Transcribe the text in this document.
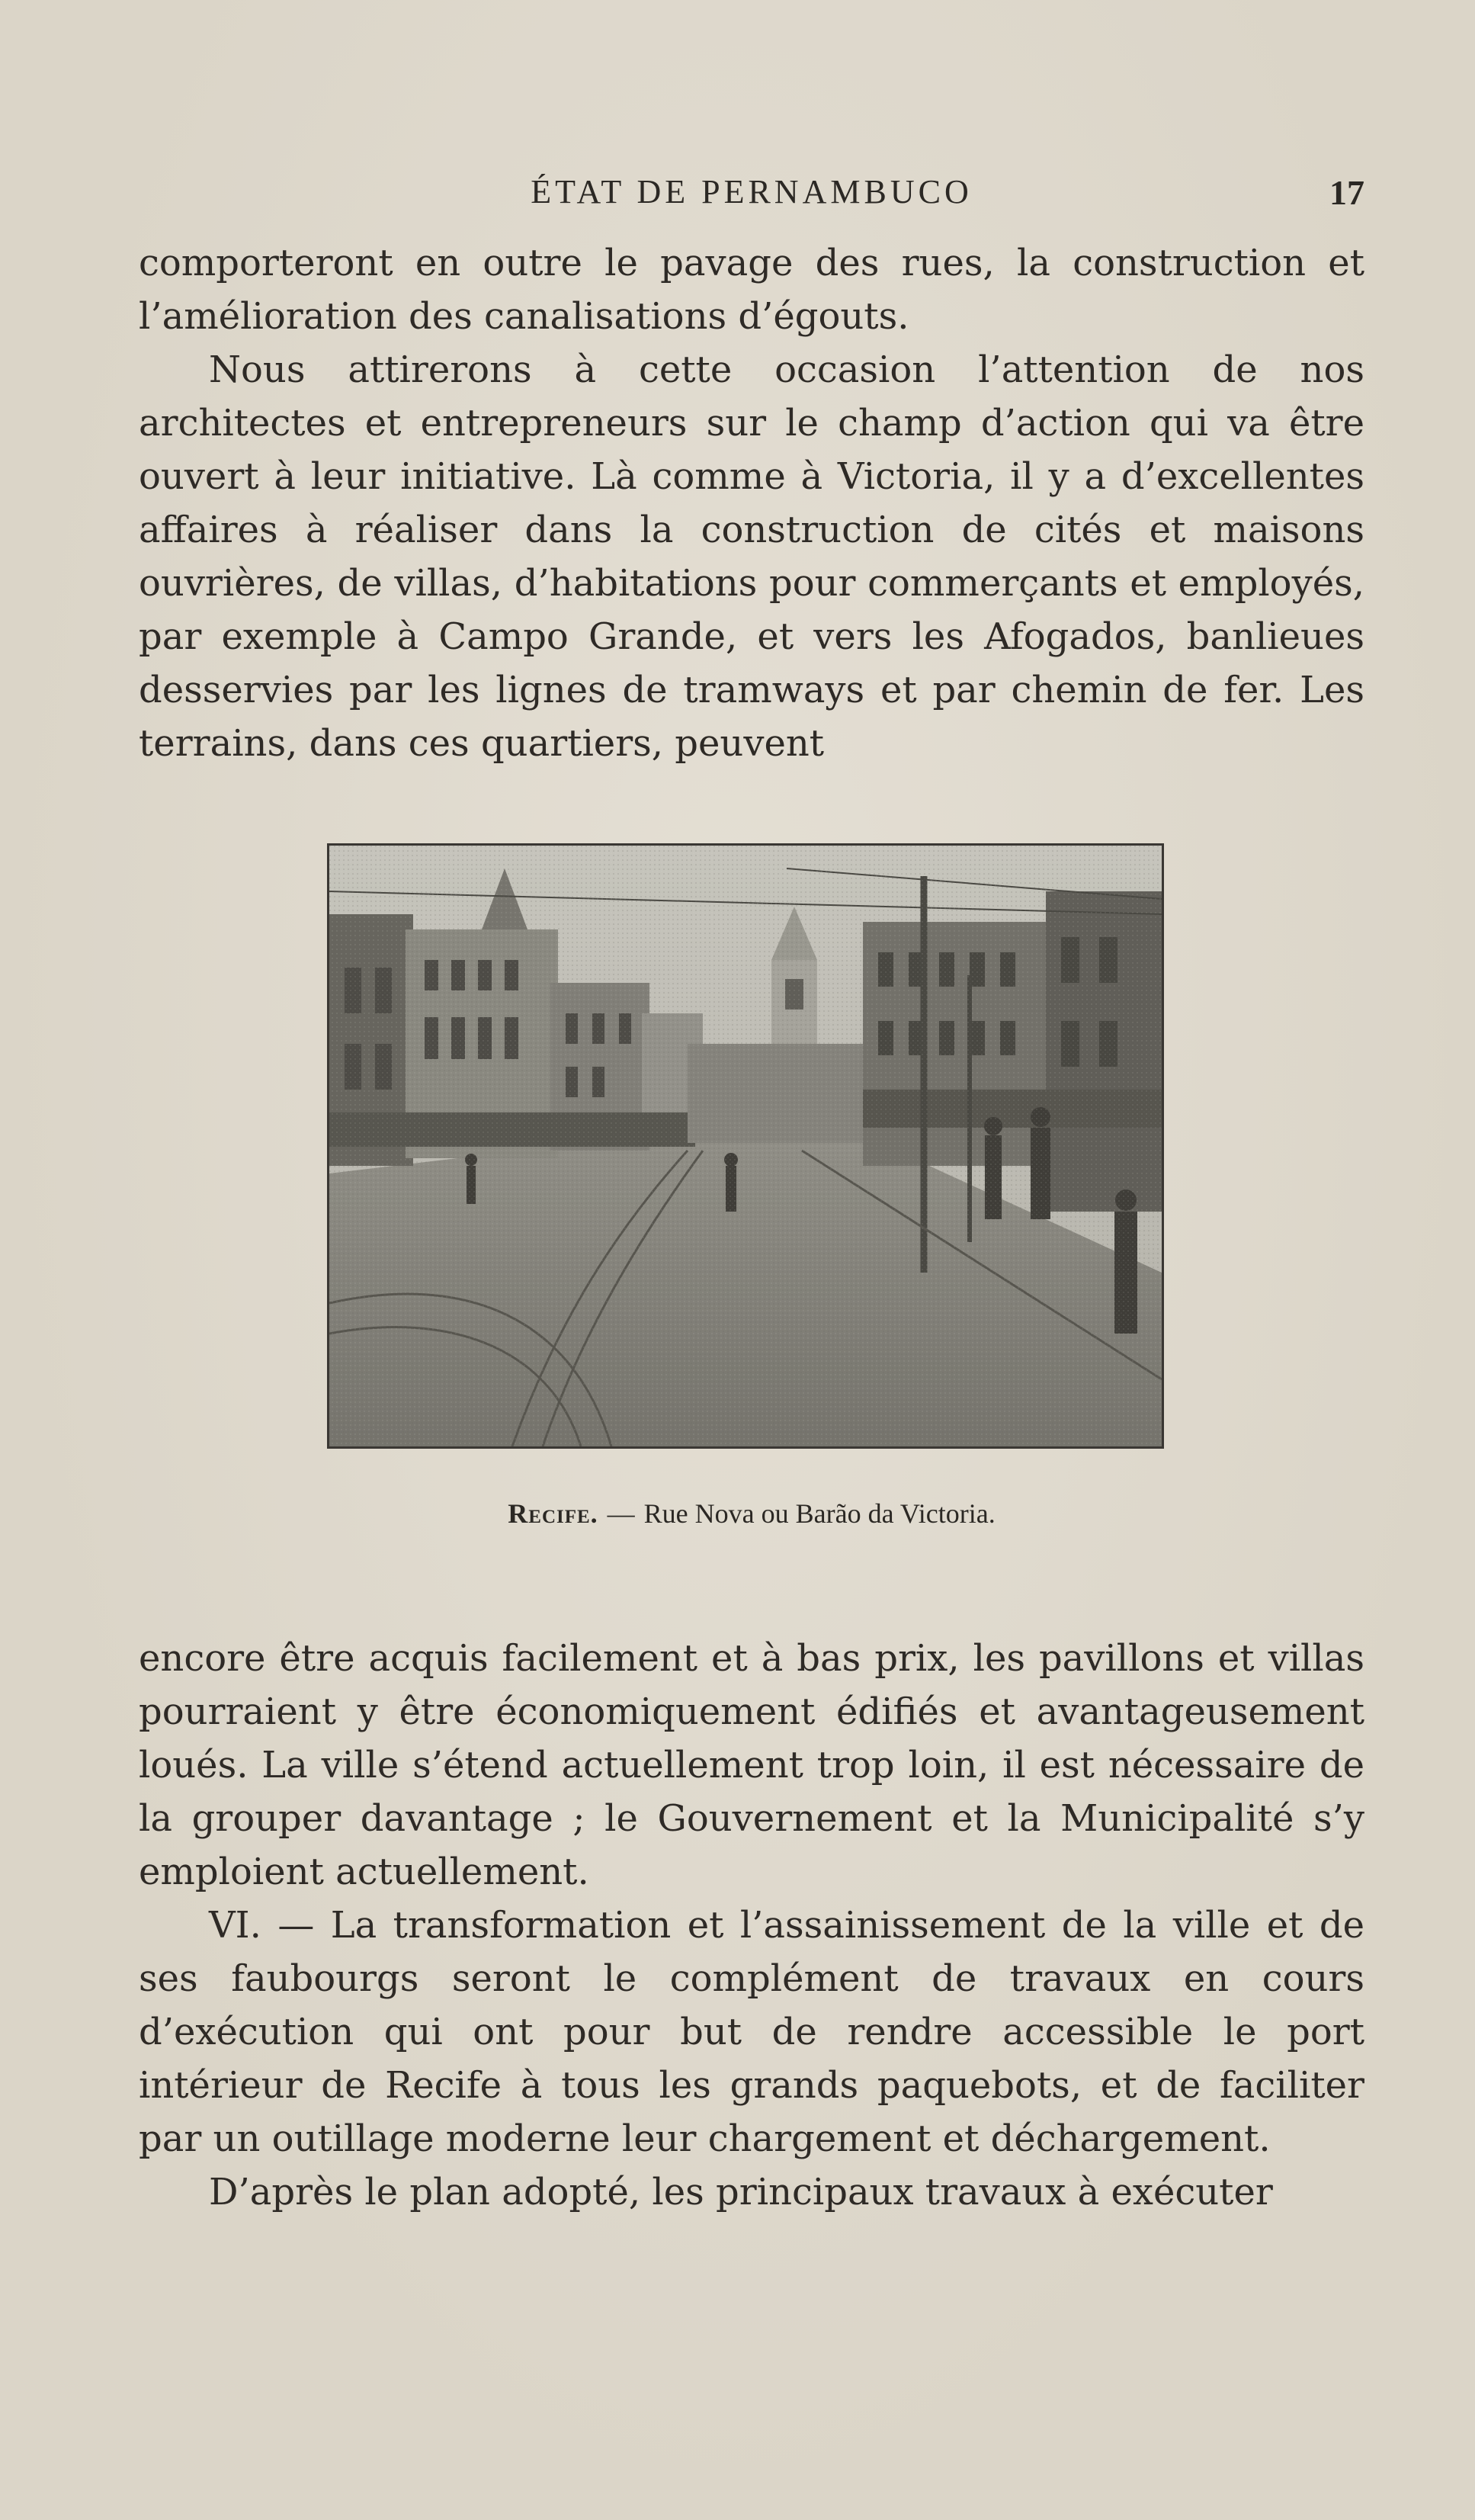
ÉTAT DE PERNAMBUCO	17

comporteront en outre le pavage des rues, la construction et l’amélioration des canalisations d’égouts.

Nous attirerons à cette occasion l’attention de nos architectes et entrepreneurs sur le champ d’action qui va être ouvert à leur initiative. Là comme à Victoria, il y a d’excellentes affaires à réaliser dans la construction de cités et maisons ouvrières, de villas, d’habitations pour commerçants et employés, par exemple à Campo Grande, et vers les Afogados, banlieues desservies par les lignes de tramways et par chemin de fer. Les terrains, dans ces quartiers, peuvent

Recife. — Rue Nova ou Barão da Victoria.

encore être acquis facilement et à bas prix, les pavillons et villas pourraient y être économiquement édifiés et avantageusement loués. La ville s’étend actuellement trop loin, il est nécessaire de la grouper davantage ; le Gouvernement et la Municipalité s’y emploient actuellement.

VI. — La transformation et l’assainissement de la ville et de ses faubourgs seront le complément de travaux en cours d’exécution qui ont pour but de rendre accessible le port intérieur de Recife à tous les grands paquebots, et de faciliter par un outillage moderne leur chargement et déchargement.

D’après le plan adopté, les principaux travaux à exécuter
